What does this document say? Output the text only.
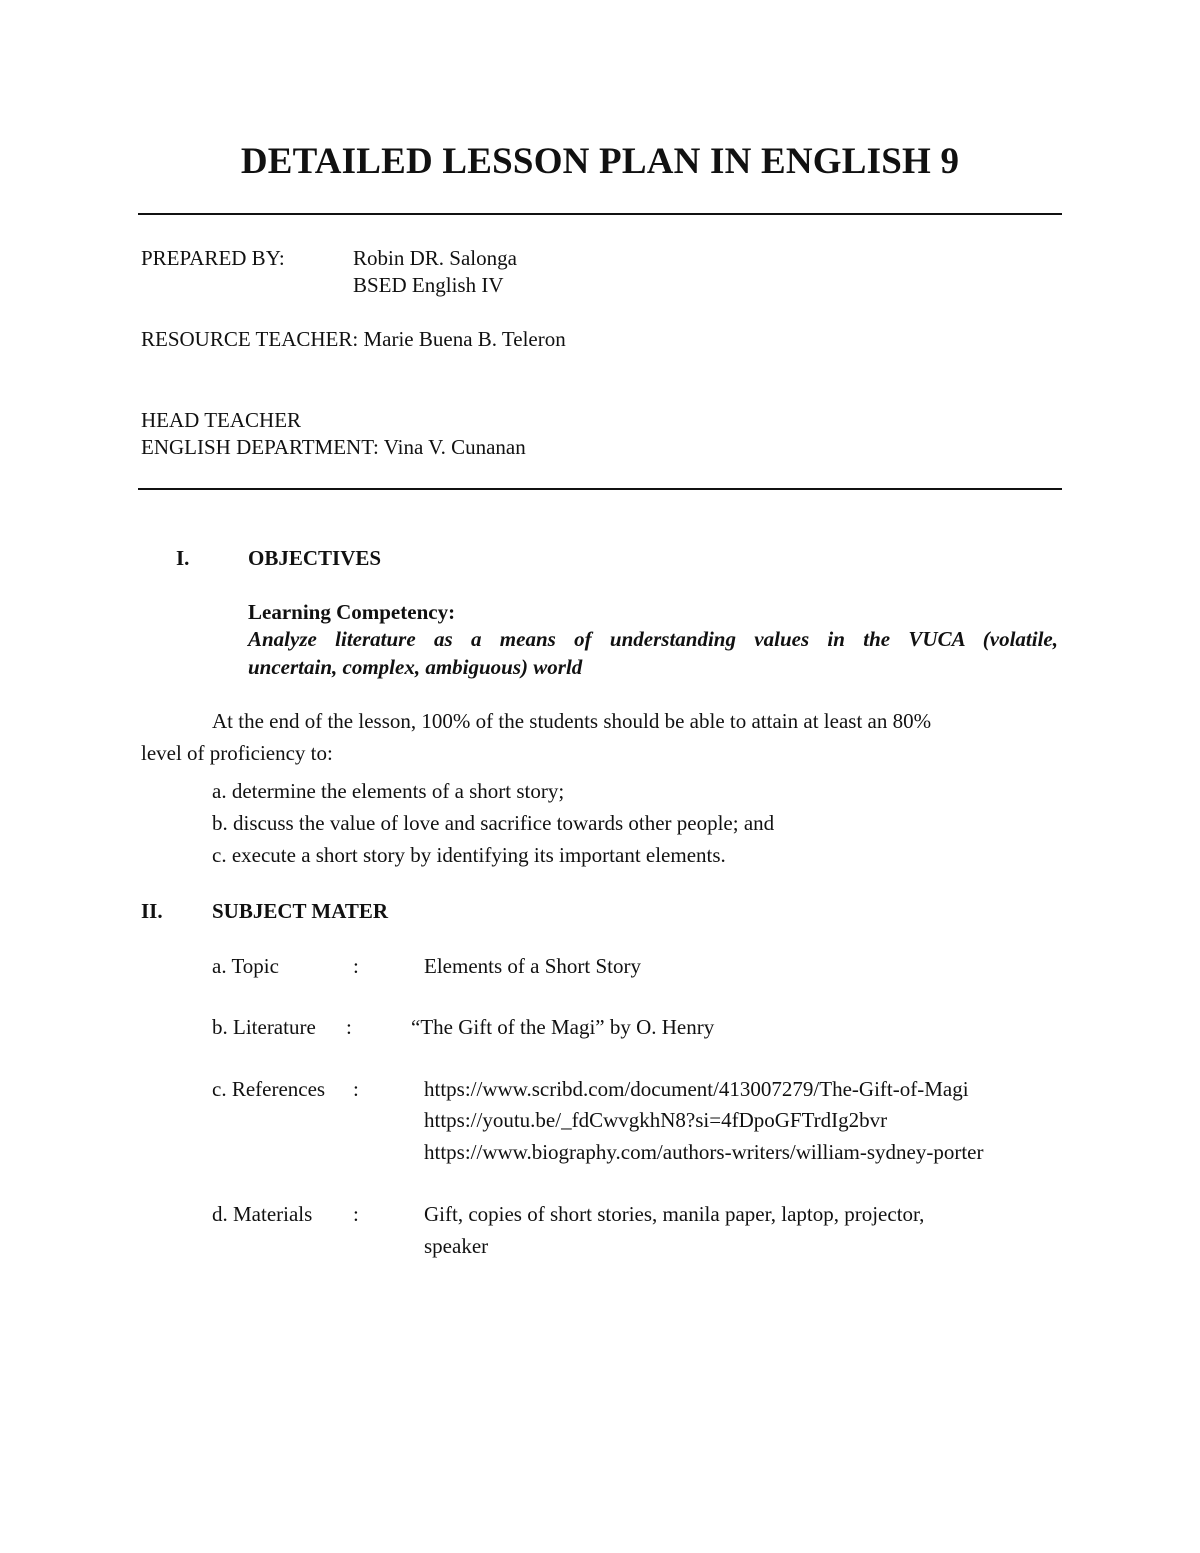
DETAILED LESSON PLAN IN ENGLISH 9
PREPARED BY:	Robin DR. Salonga
BSED English IV
RESOURCE TEACHER: Marie Buena B. Teleron
HEAD TEACHER
ENGLISH DEPARTMENT: Vina V. Cunanan
I.	OBJECTIVES
Learning Competency:
Analyze literature as a means of understanding values in the VUCA (volatile,
uncertain, complex, ambiguous) world
At the end of the lesson, 100% of the students should be able to attain at least an 80%
level of proficiency to:
a. determine the elements of a short story;
b. discuss the value of love and sacrifice towards other people; and
c. execute a short story by identifying its important elements.
II. SUBJECT MATER
a. Topic	:	Elements of a Short Story
b. Literature :	“The Gift of the Magi” by O. Henry
c. References :	https://www.scribd.com/document/413007279/The-Gift-of-Magi
https://youtu.be/_fdCwvgkhN8?si=4fDpoGFTrdIg2bvr
https://www.biography.com/authors-writers/william-sydney-porter
d. Materials :	Gift, copies of short stories, manila paper, laptop, projector,
speaker
